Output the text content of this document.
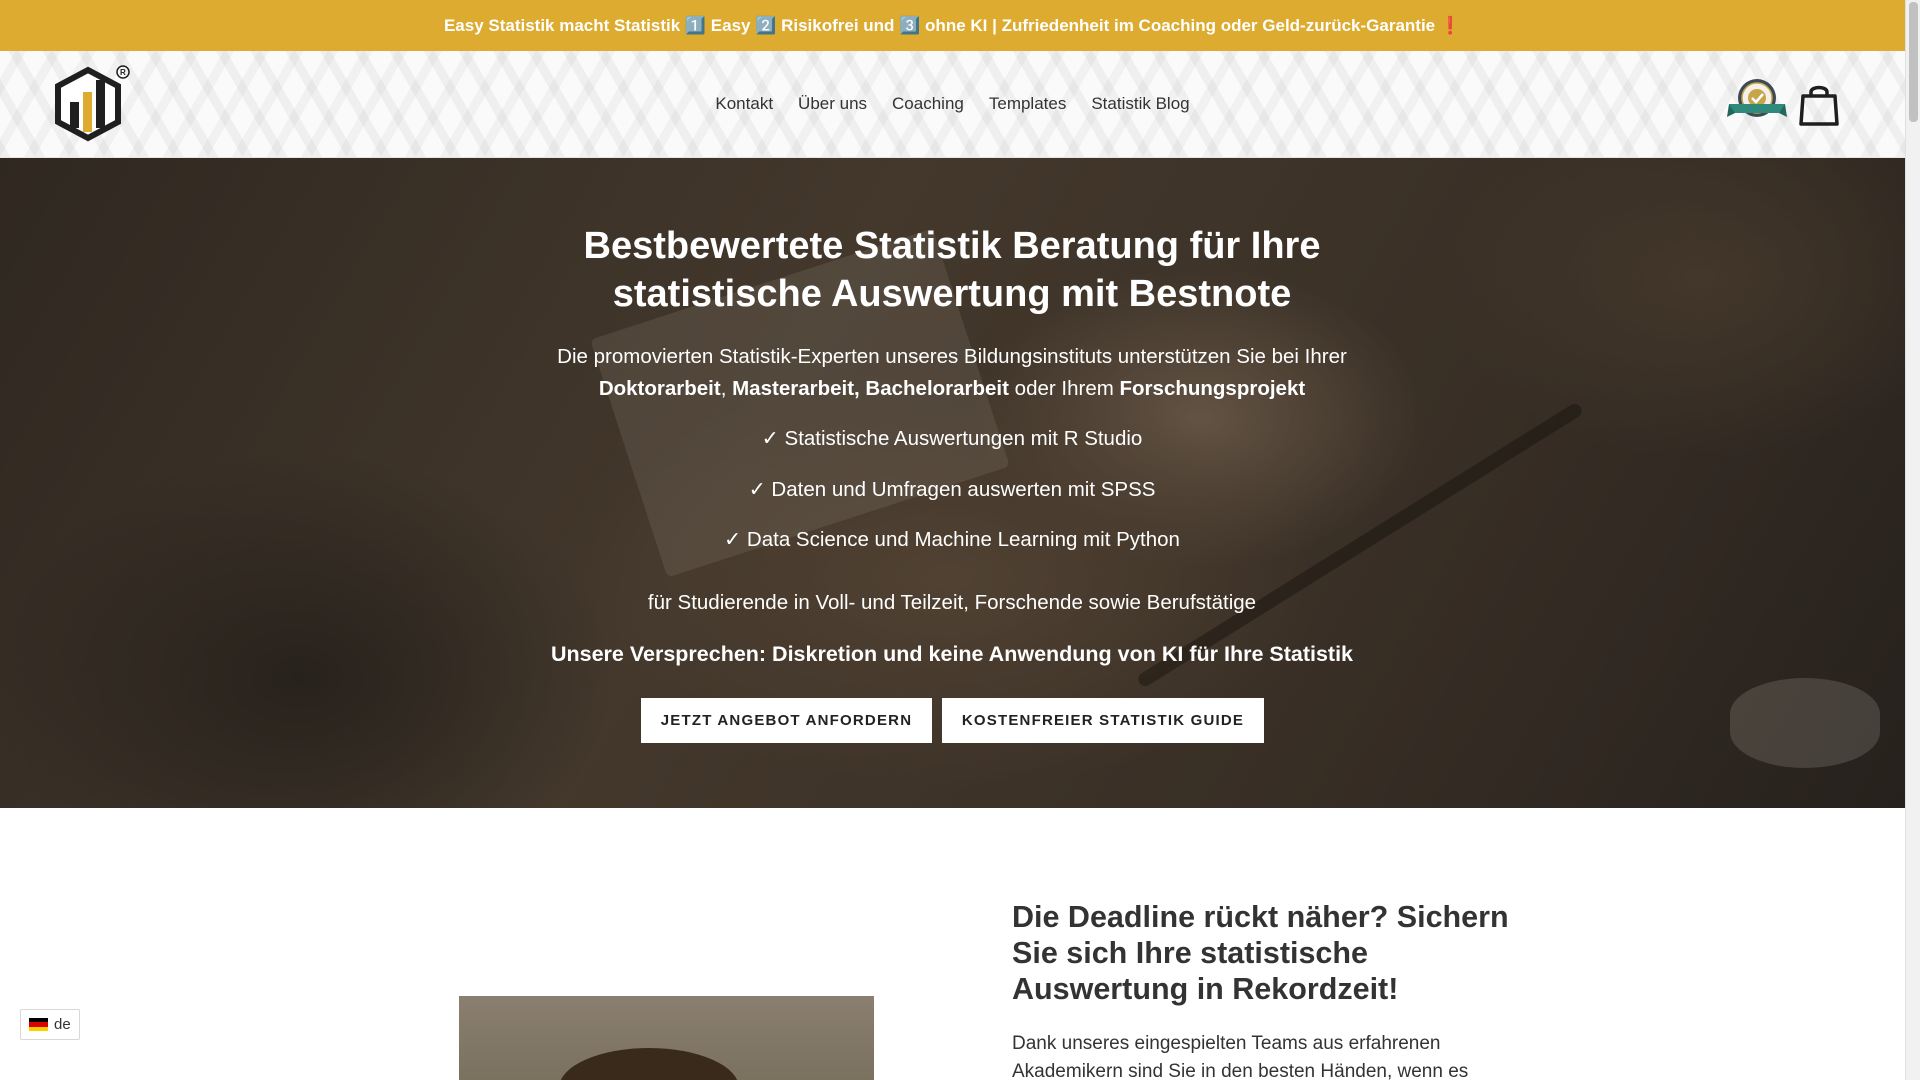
Easy Statistik macht Statistik 1️⃣ Easy 2️⃣ Risikofrei und 3️⃣ ohne KI | Zufriedenheit im Coaching oder Geld-zurück-Garantie ❗
R
Kontakt Über uns Coaching Templates Statistik Blog
Bestbewertete Statistik Beratung für Ihre statistische Auswertung mit Bestnote

Die promovierten Statistik-Experten unseres Bildungsinstituts unterstützen Sie bei Ihrer
Doktorarbeit, Masterarbeit, Bachelorarbeit oder Ihrem Forschungsprojekt

✓ Statistische Auswertungen mit R Studio

✓ Daten und Umfragen auswerten mit SPSS

✓ Data Science und Machine Learning mit Python

für Studierende in Voll- und Teilzeit, Forschende sowie Berufstätige

Unsere Versprechen: Diskretion und keine Anwendung von KI für Ihre Statistik

JETZT ANGEBOT ANFORDERN	KOSTENFREIER STATISTIK GUIDE
Die Deadline rückt näher? Sichern Sie sich Ihre statistische Auswertung in Rekordzeit!

Dank unseres eingespielten Teams aus erfahrenen Akademikern sind Sie in den besten Händen, wenn es

de
